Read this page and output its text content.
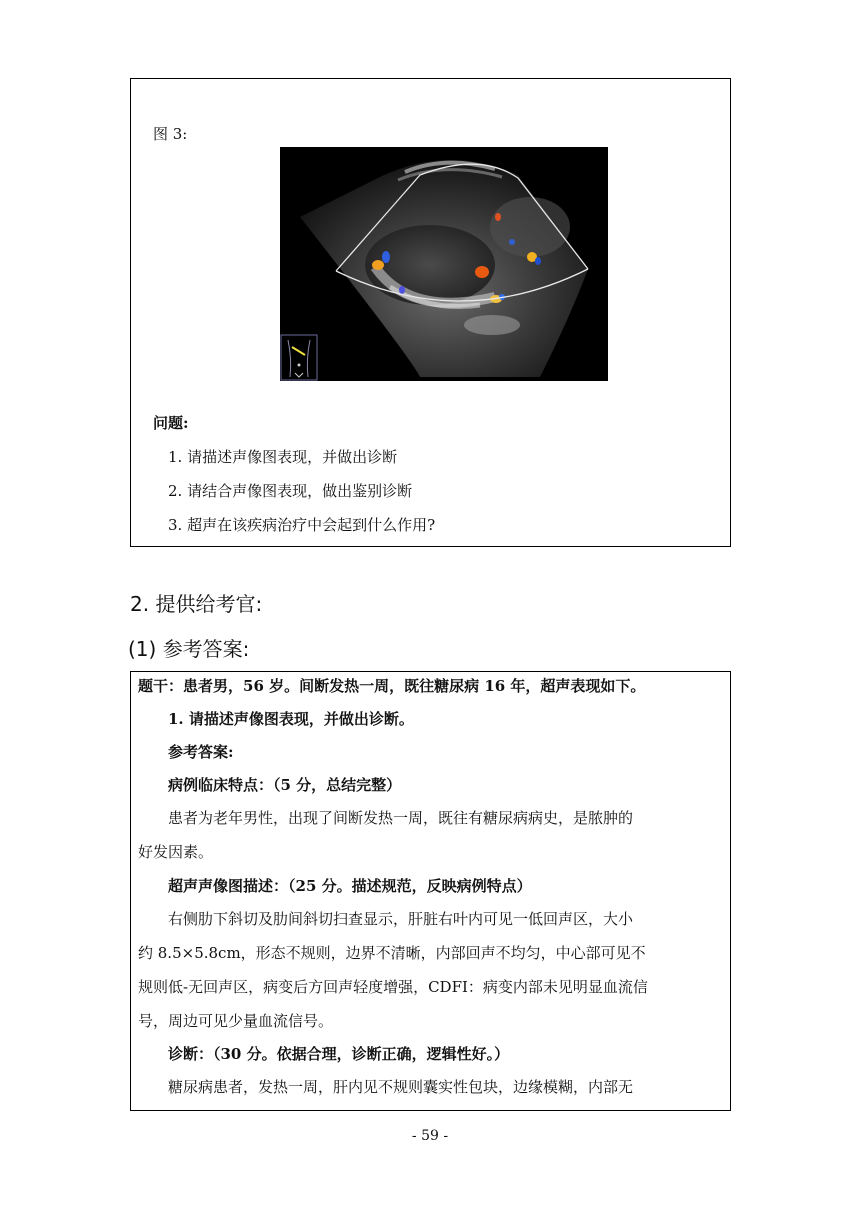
图 3:
问题:
1. 请描述声像图表现，并做出诊断
2. 请结合声像图表现，做出鉴别诊断
3. 超声在该疾病治疗中会起到什么作用?
2. 提供给考官:
(1) 参考答案:
题干：患者男，56 岁。间断发热一周，既往糖尿病 16 年，超声表现如下。
1. 请描述声像图表现，并做出诊断。
参考答案:
病例临床特点：（5 分，总结完整）
患者为老年男性，出现了间断发热一周，既往有糖尿病病史，是脓肿的
好发因素。
超声声像图描述：（25 分。描述规范，反映病例特点）
右侧肋下斜切及肋间斜切扫查显示，肝脏右叶内可见一低回声区，大小
约 8.5×5.8cm，形态不规则，边界不清晰，内部回声不均匀，中心部可见不
规则低-无回声区，病变后方回声轻度增强，CDFI：病变内部未见明显血流信
号，周边可见少量血流信号。
诊断：（30 分。依据合理，诊断正确，逻辑性好。）
糖尿病患者，发热一周，肝内见不规则囊实性包块，边缘模糊，内部无
- 59 -
